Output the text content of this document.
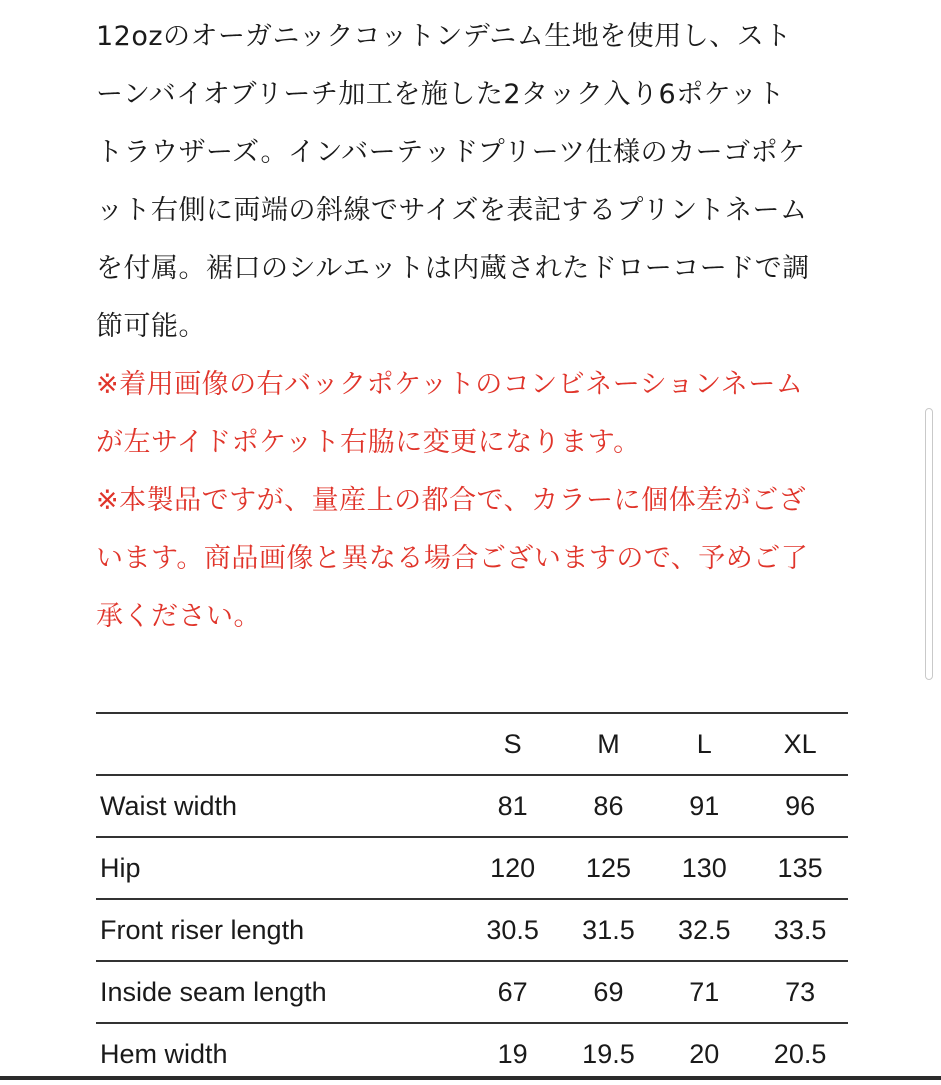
12ozのオーガニックコットンデニム生地を使用し、スト
ーンバイオブリーチ加工を施した2タック入り6ポケット
トラウザーズ。インバーテッドプリーツ仕様のカーゴポケ
ット右側に両端の斜線でサイズを表記するプリントネーム
を付属。裾口のシルエットは内蔵されたドローコードで調
節可能。
※着用画像の右バックポケットのコンビネーションネーム
が左サイドポケット右脇に変更になります。
※本製品ですが、量産上の都合で、カラーに個体差がござ
います。商品画像と異なる場合ございますので、予めご了
承ください。
	S	M	L	XL
Waist width	81	86	91	96
Hip	120	125	130	135
Front riser length	30.5	31.5	32.5	33.5
Inside seam length	67	69	71	73
Hem width	19	19.5	20	20.5
